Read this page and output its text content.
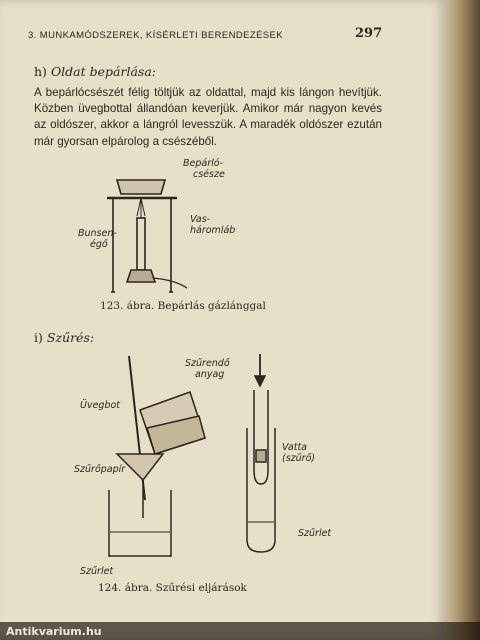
3. MUNKAMÓDSZEREK, KÍSÉRLETI BERENDEZÉSEK	297
h) Oldat bepárlása:

A bepárlócsészét félig töltjük az oldattal, majd kis lángon hevítjük. Közben üvegbottal állandóan keverjük. Amikor már nagyon kevés az oldószer, akkor a lángról levesszük. A maradék oldószer ezután már gyorsan elpárolog a csészéből.

Bepárló-
csésze
Vas-
háromláb
Bunsen-
égő
123. ábra. Bepárlás gázlánggal
i) Szűrés:
Szűrendő
anyag
Üvegbot
Szűrőpapír
Szűrlet
Vatta
(szűrő)
Szűrlet
124. ábra. Szűrési eljárások
Antikvarium.hu
